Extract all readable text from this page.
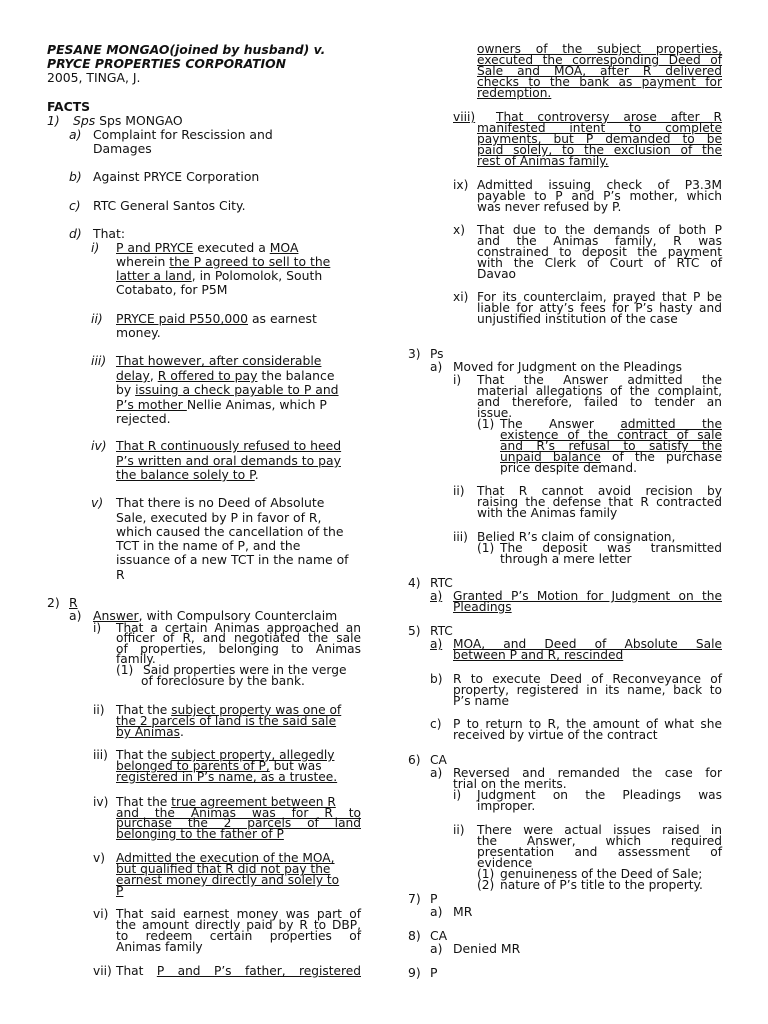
PESANE MONGAO(joined by husband) v.
PRYCE PROPERTIES CORPORATION
2005, TINGA, J.
FACTS
1) Sps Sps MONGAO
a) Complaint for Rescission and
Damages
b) Against PRYCE Corporation
c) RTC General Santos City.
d) That:
i) P and PRYCE executed a MOA
wherein the P agreed to sell to the
latter a land, in Polomolok, South
Cotabato, for P5M
ii) PRYCE paid P550,000 as earnest
money.
iii) That however, after considerable
delay, R offered to pay the balance
by issuing a check payable to P and
P’s mother Nellie Animas, which P
rejected.
iv) That R continuously refused to heed
P’s written and oral demands to pay
the balance solely to P.
v) That there is no Deed of Absolute
Sale, executed by P in favor of R,
which caused the cancellation of the
TCT in the name of P, and the
issuance of a new TCT in the name of
R
2) R
a) Answer, with Compulsory Counterclaim
i) That a certain Animas approached an
officer of R, and negotiated the sale
of properties, belonging to Animas
family.
(1) Said properties were in the verge
of foreclosure by the bank.
ii) That the subject property was one of
the 2 parcels of land is the said sale
by Animas.
iii) That the subject property, allegedly
belonged to parents of P, but was
registered in P’s name, as a trustee.
iv) That the true agreement between R
and the Animas was for R to
purchase the 2 parcels of land
belonging to the father of P
v) Admitted the execution of the MOA,
but qualified that R did not pay the
earnest money directly and solely to
P
vi) That said earnest money was part of
the amount directly paid by R to DBP,
to redeem certain properties of
Animas family
vii) That P and P’s father, registered
owners of the subject properties,
executed the corresponding Deed of
Sale and MOA, after R delivered
checks to the bank as payment for
redemption.
viii) That controversy arose after R
manifested intent to complete
payments, but P demanded to be
paid solely, to the exclusion of the
rest of Animas family.
ix) Admitted issuing check of P3.3M
payable to P and P’s mother, which
was never refused by P.
x) That due to the demands of both P
and the Animas family, R was
constrained to deposit the payment
with the Clerk of Court of RTC of
Davao
xi) For its counterclaim, prayed that P be
liable for atty’s fees for P’s hasty and
unjustified institution of the case
3) Ps
a) Moved for Judgment on the Pleadings
i) That the Answer admitted the
material allegations of the complaint,
and therefore, failed to tender an
issue.
(1) The Answer admitted the
existence of the contract of sale
and R’s refusal to satisfy the
unpaid balance of the purchase
price despite demand.
ii) That R cannot avoid recision by
raising the defense that R contracted
with the Animas family
iii) Belied R’s claim of consignation,
(1) The deposit was transmitted
through a mere letter
4) RTC
a) Granted P’s Motion for Judgment on the
Pleadings
5) RTC
a) MOA, and Deed of Absolute Sale
between P and R, rescinded
b) R to execute Deed of Reconveyance of
property, registered in its name, back to
P’s name
c) P to return to R, the amount of what she
received by virtue of the contract
6) CA
a) Reversed and remanded the case for
trial on the merits.
i) Judgment on the Pleadings was
improper.
ii) There were actual issues raised in
the Answer, which required
presentation and assessment of
evidence
(1) genuineness of the Deed of Sale;
(2) nature of P’s title to the property.
7) P
a) MR
8) CA
a) Denied MR
9) P
